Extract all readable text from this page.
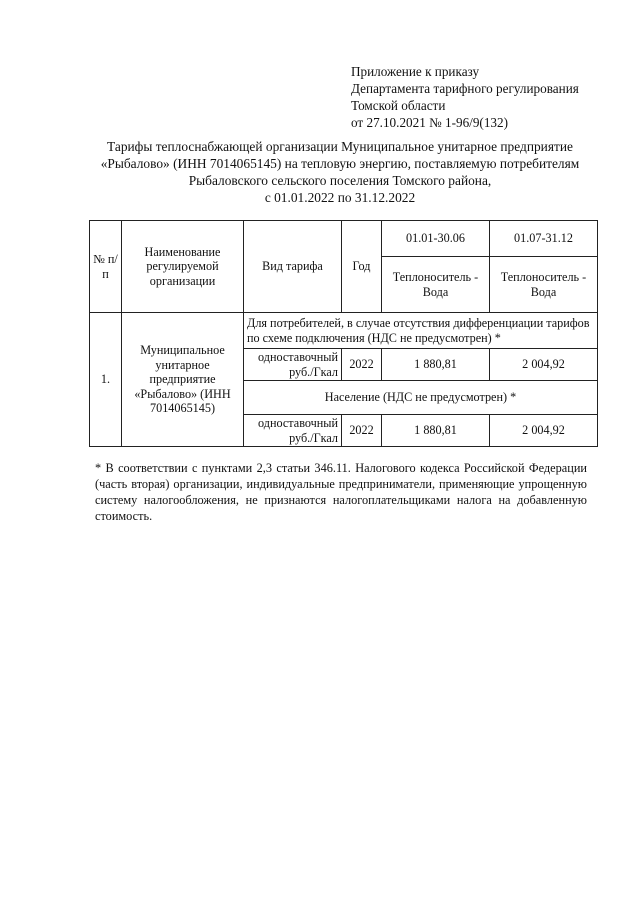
Приложение к приказу
Департамента тарифного регулирования
Томской области
от 27.10.2021 № 1-96/9(132)
Тарифы теплоснабжающей организации Муниципальное унитарное предприятие
«Рыбалово» (ИНН 7014065145) на тепловую энергию, поставляемую потребителям
Рыбаловского сельского поселения Томского района,
с 01.01.2022 по 31.12.2022
№ п/п	Наименование регулируемой организации	Вид тарифа	Год	01.01-30.06	01.07-31.12
				Теплоноситель - Вода	Теплоноситель - Вода
1.	Муниципальное унитарное предприятие «Рыбалово» (ИНН 7014065145)	Для потребителей, в случае отсутствия дифференциации тарифов по схеме подключения (НДС не предусмотрен) *			
		одноставочный руб./Гкал	2022	1 880,81	2 004,92
		Население (НДС не предусмотрен) *			
		одноставочный руб./Гкал	2022	1 880,81	2 004,92
* В соответствии с пунктами 2,3 статьи 346.11. Налогового кодекса Российской Федерации (часть вторая) организации, индивидуальные предприниматели, применяющие упрощенную систему налогообложения, не признаются налогоплательщиками налога на добавленную стоимость.
